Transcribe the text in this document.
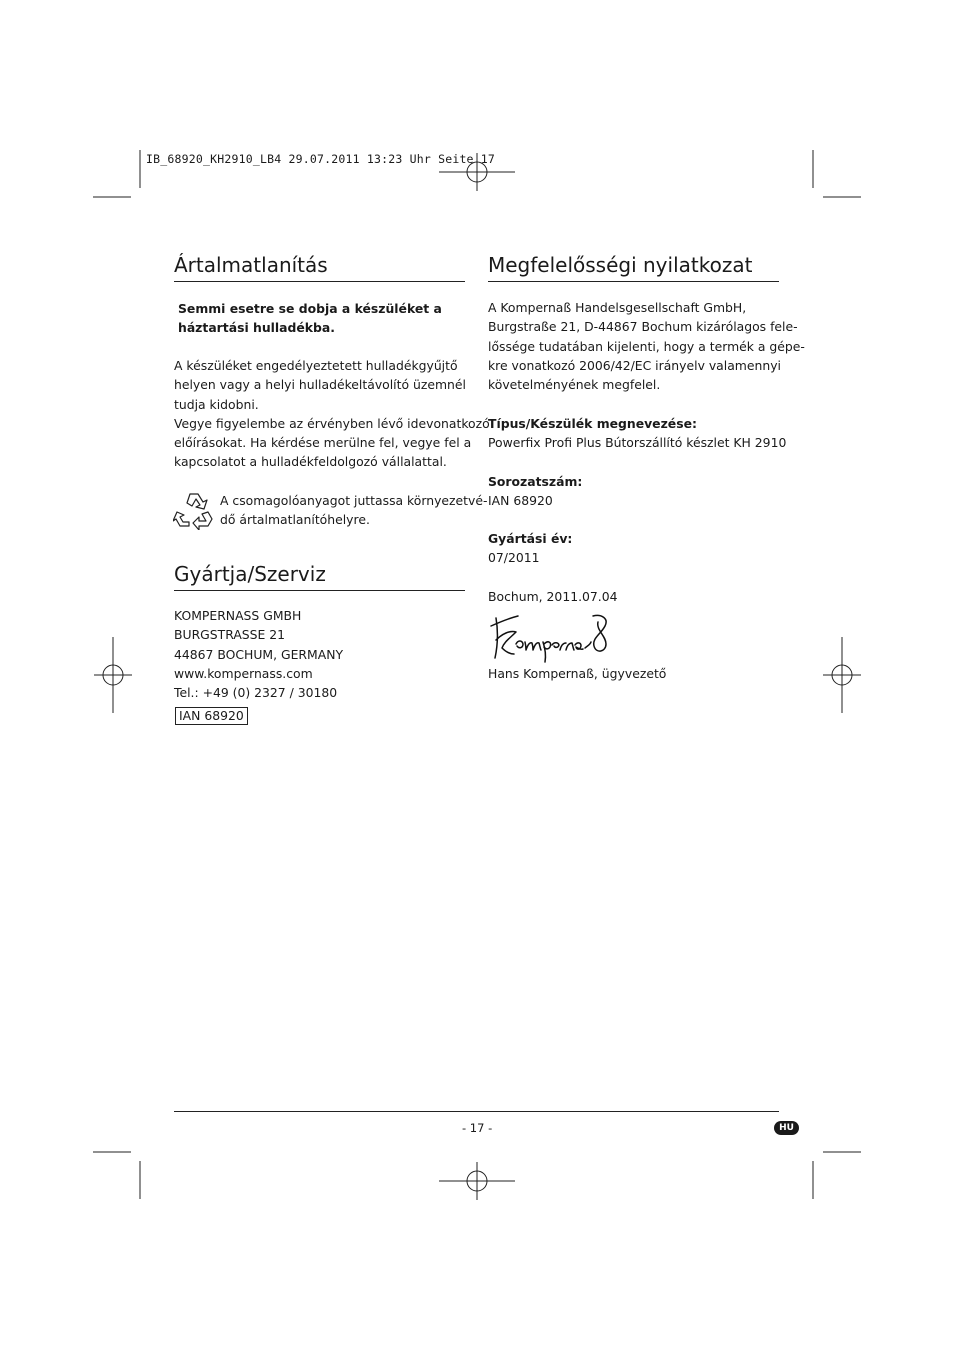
IB_68920_KH2910_LB4 29.07.2011 13:23 Uhr Seite 17
Ártalmatlanítás
Semmi esetre se dobja a készüléket a
háztartási hulladékba.
A készüléket engedélyeztetett hulladékgyűjtő
helyen vagy a helyi hulladékeltávolító üzemnél
tudja kidobni.
Vegye figyelembe az érvényben lévő idevonatkozó
előírásokat. Ha kérdése merülne fel, vegye fel a
kapcsolatot a hulladékfeldolgozó vállalattal.
A csomagolóanyagot juttassa környezetvé-
dő ártalmatlanítóhelyre.
Gyártja/Szerviz
KOMPERNASS GMBH
BURGSTRASSE 21
44867 BOCHUM, GERMANY
www.kompernass.com
Tel.: +49 (0) 2327 / 30180
IAN 68920
Megfelelősségi nyilatkozat
A Kompernaß Handelsgesellschaft GmbH,
Burgstraße 21, D-44867 Bochum kizárólagos fele-
lőssége tudatában kijelenti, hogy a termék a gépe-
kre vonatkozó 2006/42/EC irányelv valamennyi
követelményének megfelel.
Típus/Készülék megnevezése:
Powerfix Profi Plus Bútorszállító készlet KH 2910
Sorozatszám:
IAN 68920
Gyártási év:
07/2011
Bochum, 2011.07.04
Hans Kompernaß, ügyvezető
- 17 -	HU
